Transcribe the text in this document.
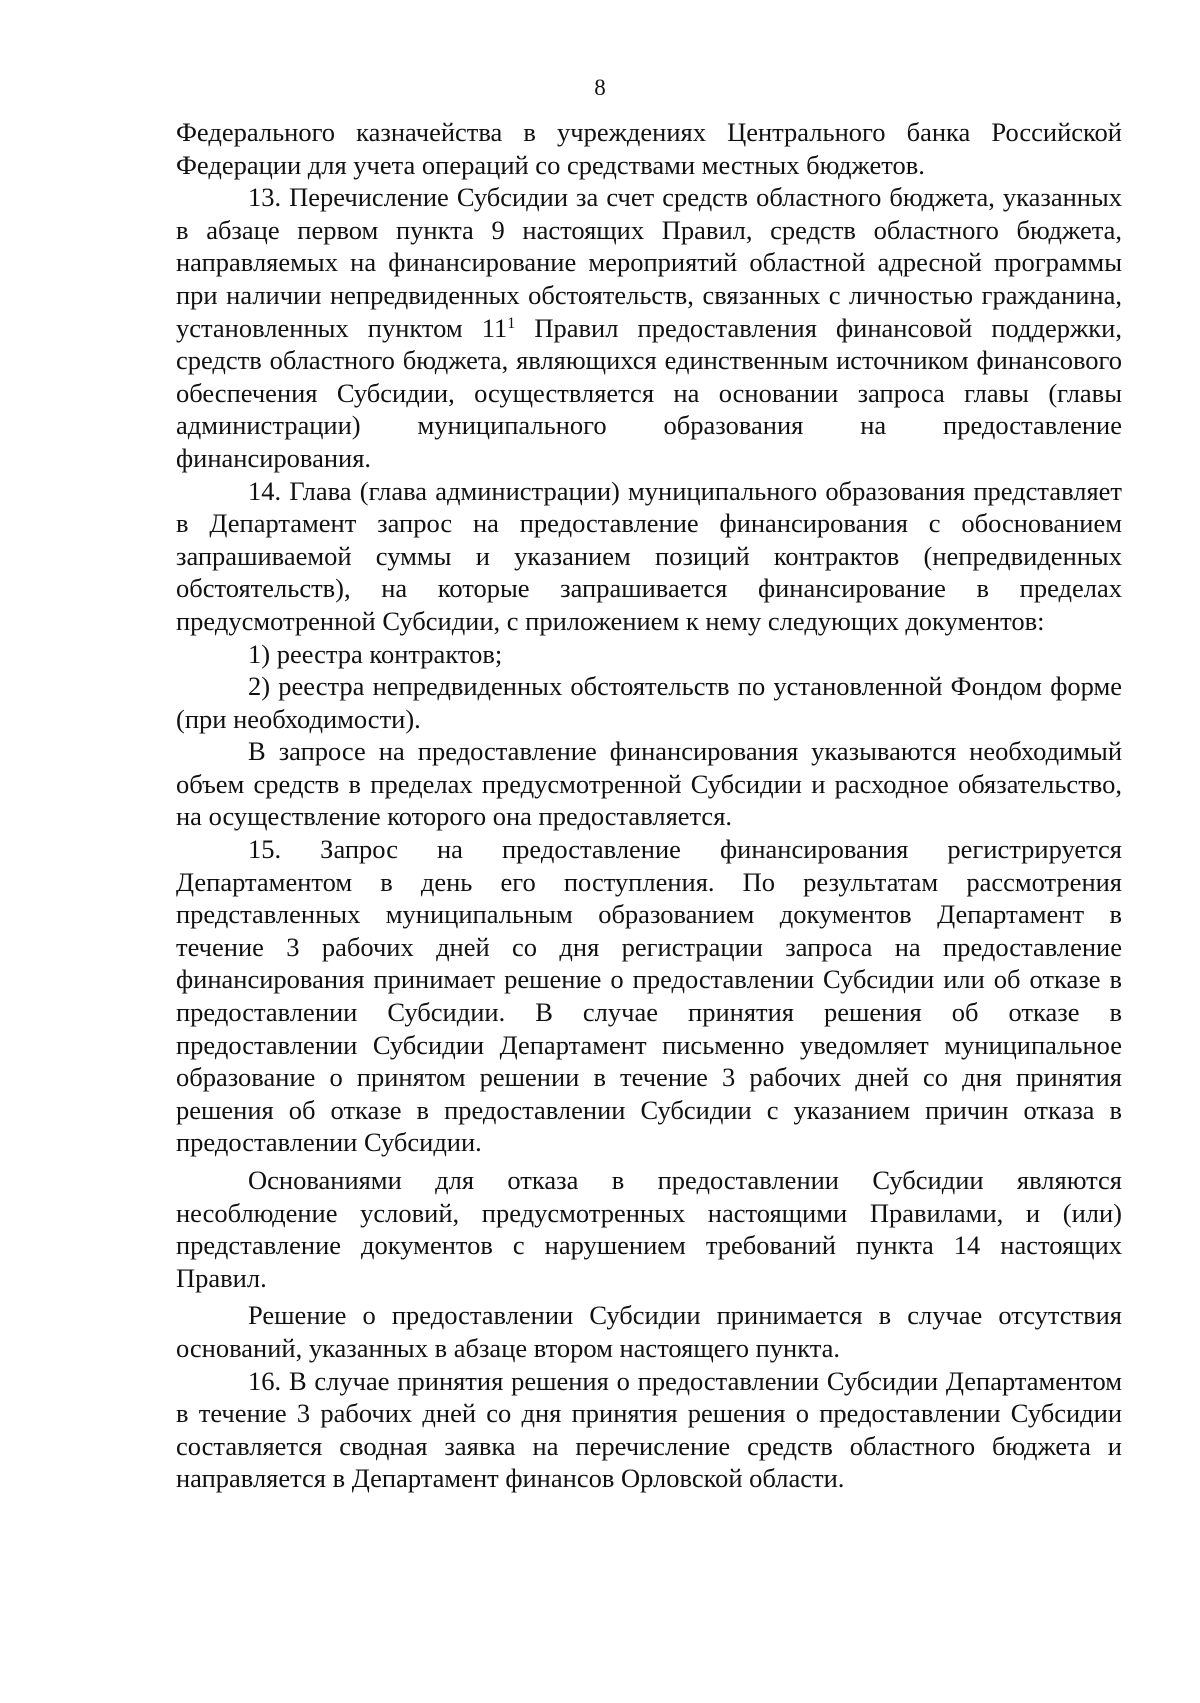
8

Федерального казначейства в учреждениях Центрального банка Российской Федерации для учета операций со средствами местных бюджетов.

13. Перечисление Субсидии за счет средств областного бюджета, указанных в абзаце первом пункта 9 настоящих Правил, средств областного бюджета, направляемых на финансирование мероприятий областной адресной программы при наличии непредвиденных обстоятельств, связанных с личностью гражданина, установленных пунктом $11^1$ Правил предоставления финансовой поддержки, средств областного бюджета, являющихся единственным источником финансового обеспечения Субсидии, осуществляется на основании запроса главы (главы администрации) муниципального образования на предоставление финансирования.

14. Глава (глава администрации) муниципального образования представляет в Департамент запрос на предоставление финансирования с обоснованием запрашиваемой суммы и указанием позиций контрактов (непредвиденных обстоятельств), на которые запрашивается финансирование в пределах предусмотренной Субсидии, с приложением к нему следующих документов:

1) реестра контрактов;

2) реестра непредвиденных обстоятельств по установленной Фондом форме (при необходимости).

В запросе на предоставление финансирования указываются необходимый объем средств в пределах предусмотренной Субсидии и расходное обязательство, на осуществление которого она предоставляется.

15. Запрос на предоставление финансирования регистрируется Департаментом в день его поступления. По результатам рассмотрения представленных муниципальным образованием документов Департамент в течение 3 рабочих дней со дня регистрации запроса на предоставление финансирования принимает решение о предоставлении Субсидии или об отказе в предоставлении Субсидии. В случае принятия решения об отказе в предоставлении Субсидии Департамент письменно уведомляет муниципальное образование о принятом решении в течение 3 рабочих дней со дня принятия решения об отказе в предоставлении Субсидии с указанием причин отказа в предоставлении Субсидии.

Основаниями для отказа в предоставлении Субсидии являются несоблюдение условий, предусмотренных настоящими Правилами, и (или) представление документов с нарушением требований пункта 14 настоящих Правил.

Решение о предоставлении Субсидии принимается в случае отсутствия оснований, указанных в абзаце втором настоящего пункта.

16. В случае принятия решения о предоставлении Субсидии Департаментом в течение 3 рабочих дней со дня принятия решения о предоставлении Субсидии составляется сводная заявка на перечисление средств областного бюджета и направляется в Департамент финансов Орловской области.
